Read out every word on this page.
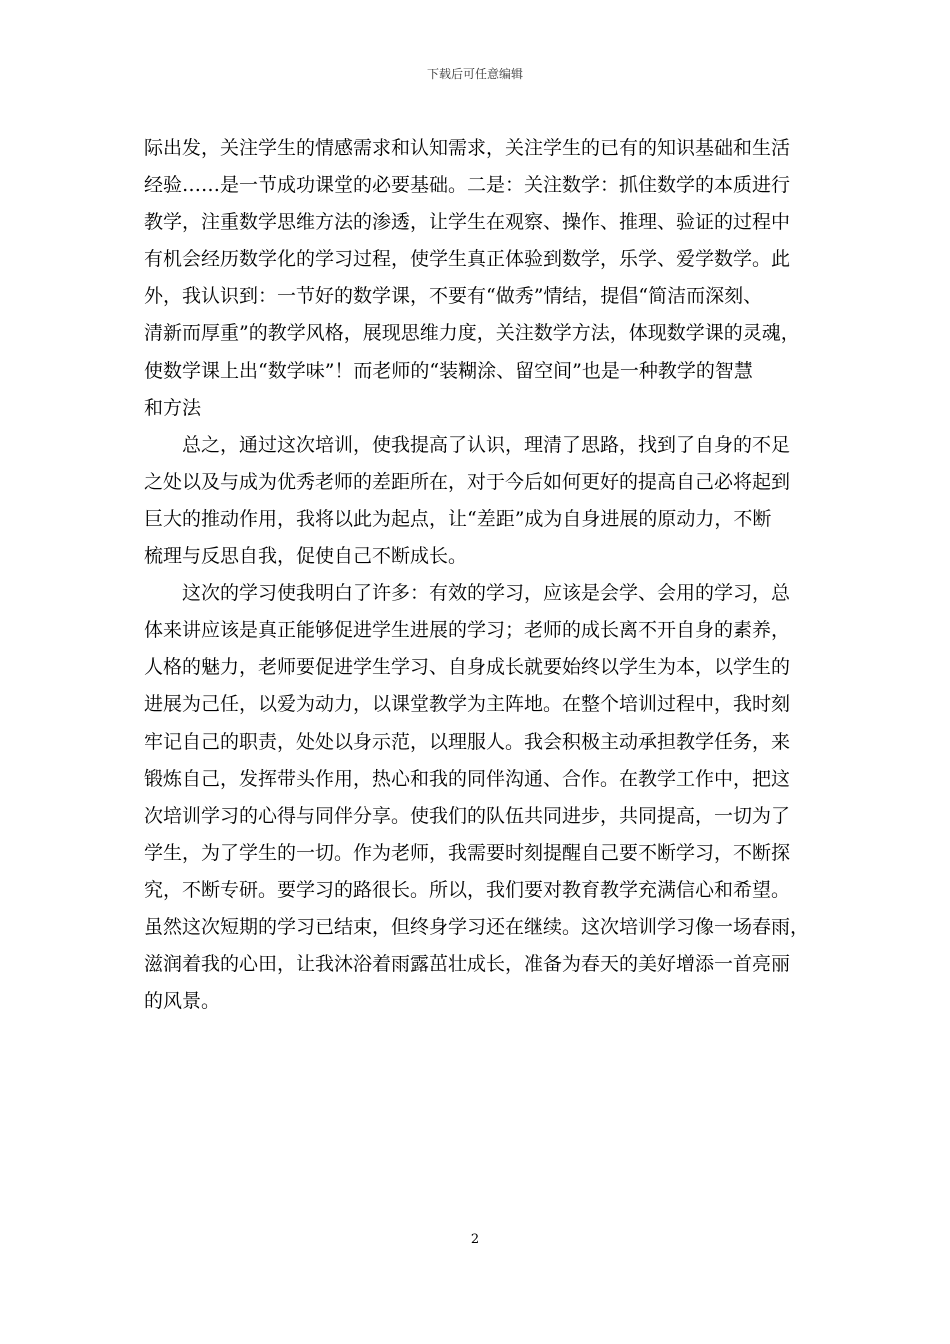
下载后可任意编辑
际出发，关注学生的情感需求和认知需求，关注学生的已有的知识基础和生活
经验……是一节成功课堂的必要基础。二是：关注数学：抓住数学的本质进行
教学，注重数学思维方法的渗透，让学生在观察、操作、推理、验证的过程中
有机会经历数学化的学习过程，使学生真正体验到数学，乐学、爱学数学。此
外，我认识到：一节好的数学课，不要有“做秀”情结，提倡“简洁而深刻、
清新而厚重”的教学风格，展现思维力度，关注数学方法，体现数学课的灵魂，
使数学课上出“数学味”！而老师的“装糊涂、留空间”也是一种教学的智慧
和方法
总之，通过这次培训，使我提高了认识，理清了思路，找到了自身的不足
之处以及与成为优秀老师的差距所在，对于今后如何更好的提高自己必将起到
巨大的推动作用，我将以此为起点，让“差距”成为自身进展的原动力，不断
梳理与反思自我，促使自己不断成长。
这次的学习使我明白了许多：有效的学习，应该是会学、会用的学习，总
体来讲应该是真正能够促进学生进展的学习；老师的成长离不开自身的素养，
人格的魅力，老师要促进学生学习、自身成长就要始终以学生为本，以学生的
进展为己任，以爱为动力，以课堂教学为主阵地。在整个培训过程中，我时刻
牢记自己的职责，处处以身示范，以理服人。我会积极主动承担教学任务，来
锻炼自己，发挥带头作用，热心和我的同伴沟通、合作。在教学工作中，把这
次培训学习的心得与同伴分享。使我们的队伍共同进步，共同提高，一切为了
学生，为了学生的一切。作为老师，我需要时刻提醒自己要不断学习，不断探
究，不断专研。要学习的路很长。所以，我们要对教育教学充满信心和希望。
虽然这次短期的学习已结束，但终身学习还在继续。这次培训学习像一场春雨，
滋润着我的心田，让我沐浴着雨露茁壮成长，准备为春天的美好增添一首亮丽
的风景。
2
